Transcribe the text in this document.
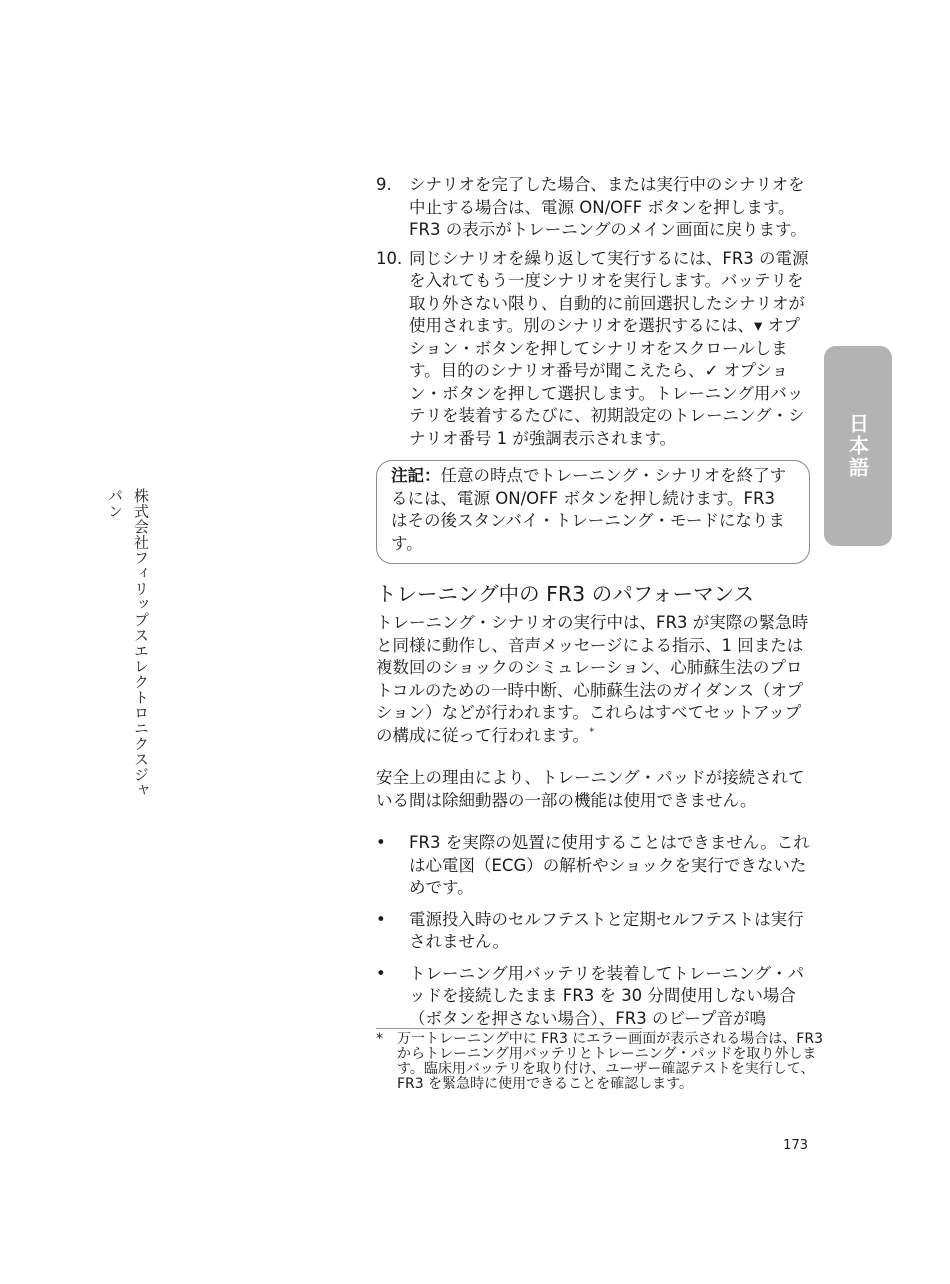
株式会社フィリップスエレクトロニクスジャパン
日本語
9. シナリオを完了した場合、または実行中のシナリオを中止する場合は、電源 ON/OFF ボタンを押します。FR3 の表示がトレーニングのメイン画面に戻ります。
10. 同じシナリオを繰り返して実行するには、FR3 の電源を入れてもう一度シナリオを実行します。バッテリを取り外さない限り、自動的に前回選択したシナリオが使用されます。別のシナリオを選択するには、▾ オプション・ボタンを押してシナリオをスクロールします。目的のシナリオ番号が聞こえたら、✓ オプション・ボタンを押して選択します。トレーニング用バッテリを装着するたびに、初期設定のトレーニング・シナリオ番号 1 が強調表示されます。
注記：任意の時点でトレーニング・シナリオを終了するには、電源 ON/OFF ボタンを押し続けます。FR3 はその後スタンバイ・トレーニング・モードになります。
トレーニング中の FR3 のパフォーマンス

トレーニング・シナリオの実行中は、FR3 が実際の緊急時と同様に動作し、音声メッセージによる指示、1 回または複数回のショックのシミュレーション、心肺蘇生法のプロトコルのための一時中断、心肺蘇生法のガイダンス（オプション）などが行われます。これらはすべてセットアップの構成に従って行われます。*

安全上の理由により、トレーニング・パッドが接続されている間は除細動器の一部の機能は使用できません。

• FR3 を実際の処置に使用することはできません。これは心電図（ECG）の解析やショックを実行できないためです。
• 電源投入時のセルフテストと定期セルフテストは実行されません。
• トレーニング用バッテリを装着してトレーニング・パッドを接続したまま FR3 を 30 分間使用しない場合（ボタンを押さない場合）、FR3 のビープ音が鳴
* 万一トレーニング中に FR3 にエラー画面が表示される場合は、FR3 からトレーニング用バッテリとトレーニング・パッドを取り外します。臨床用バッテリを取り付け、ユーザー確認テストを実行して、FR3 を緊急時に使用できることを確認します。
173
